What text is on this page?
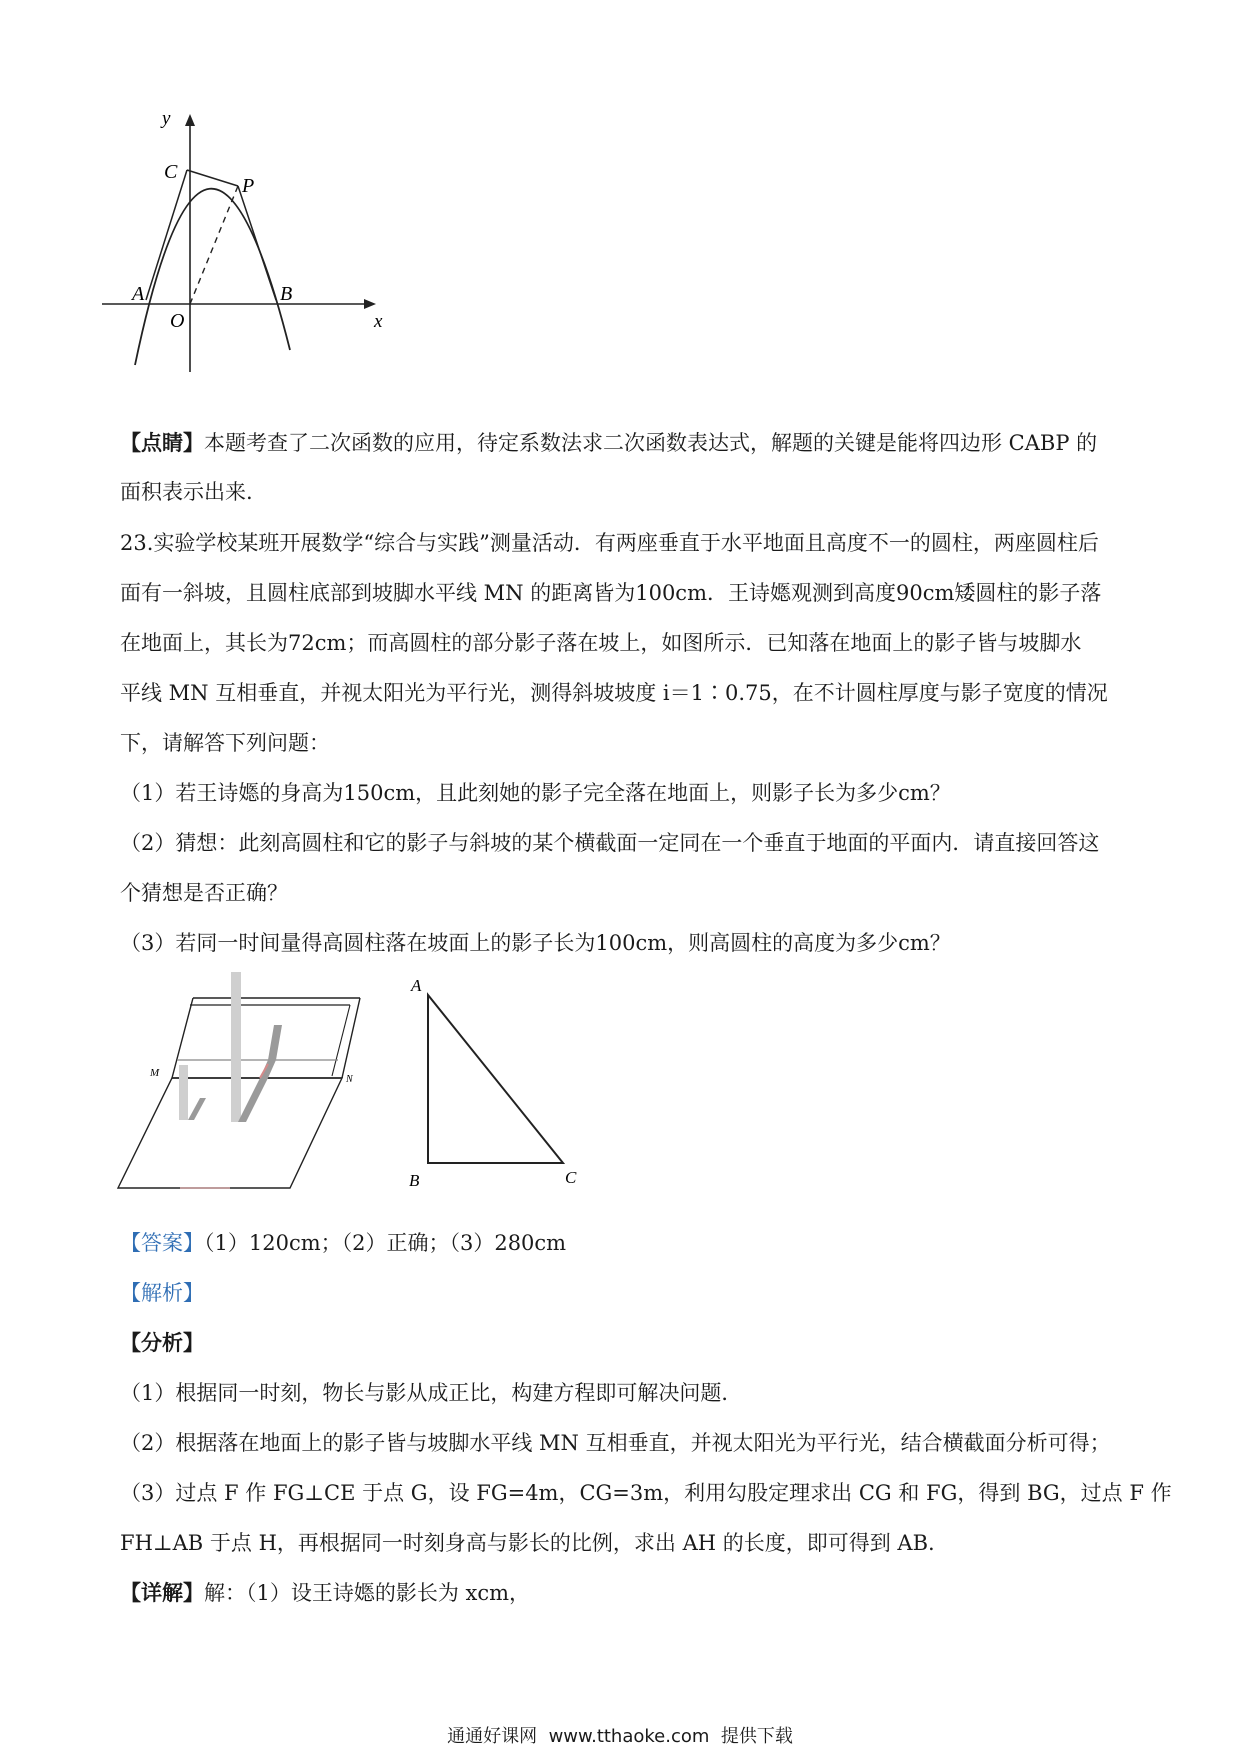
y
C
P
A	B
O	x
【点睛】本题考查了二次函数的应用，待定系数法求二次函数表达式，解题的关键是能将四边形 CABP 的
面积表示出来.
23.实验学校某班开展数学“综合与实践”测量活动．有两座垂直于水平地面且高度不一的圆柱，两座圆柱后
面有一斜坡，且圆柱底部到坡脚水平线 MN 的距离皆为100cm．王诗嫕观测到高度90cm矮圆柱的影子落
在地面上，其长为72cm；而高圆柱的部分影子落在坡上，如图所示．已知落在地面上的影子皆与坡脚水
平线 MN 互相垂直，并视太阳光为平行光，测得斜坡坡度 i＝1∶0.75，在不计圆柱厚度与影子宽度的情况
下，请解答下列问题：
（1）若王诗嫕的身高为150cm，且此刻她的影子完全落在地面上，则影子长为多少cm？
（2）猜想：此刻高圆柱和它的影子与斜坡的某个横截面一定同在一个垂直于地面的平面内．请直接回答这
个猜想是否正确？
（3）若同一时间量得高圆柱落在坡面上的影子长为100cm，则高圆柱的高度为多少cm？
M
N
A
B	C
【答案】（1）120cm；（2）正确；（3）280cm
【解析】
【分析】
（1）根据同一时刻，物长与影从成正比，构建方程即可解决问题．
（2）根据落在地面上的影子皆与坡脚水平线 MN 互相垂直，并视太阳光为平行光，结合横截面分析可得；
（3）过点 F 作 FG⊥CE 于点 G，设 FG=4m，CG=3m，利用勾股定理求出 CG 和 FG，得到 BG，过点 F 作
FH⊥AB 于点 H，再根据同一时刻身高与影长的比例，求出 AH 的长度，即可得到 AB.
【详解】解：（1）设王诗嫕的影长为 xcm，
通通好课网  www.tthaoke.com  提供下载
